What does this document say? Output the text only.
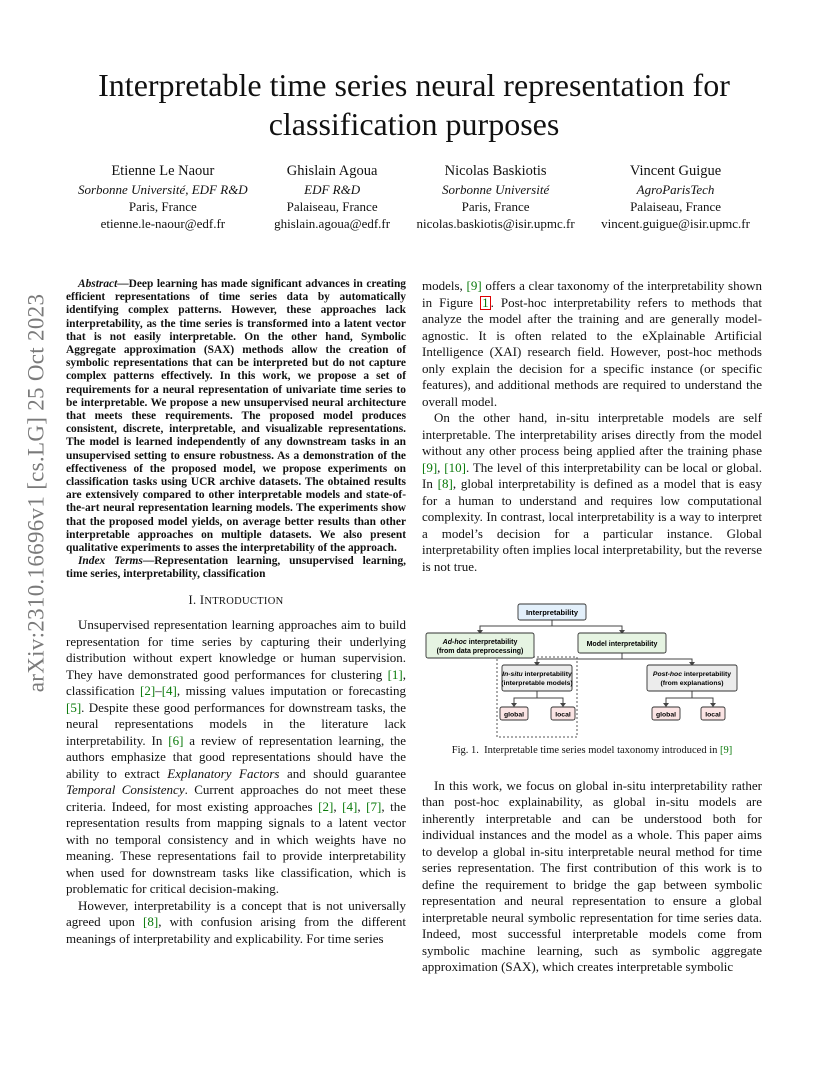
arXiv:2310.16696v1 [cs.LG] 25 Oct 2023
Interpretable time series neural representation for
classification purposes
Etienne Le Naour
Sorbonne Université, EDF R&D
Paris, France
etienne.le-naour@edf.fr
Ghislain Agoua
EDF R&D
Palaiseau, France
ghislain.agoua@edf.fr
Nicolas Baskiotis
Sorbonne Université
Paris, France
nicolas.baskiotis@isir.upmc.fr
Vincent Guigue
AgroParisTech
Palaiseau, France
vincent.guigue@isir.upmc.fr

Abstract—Deep learning has made significant advances in creating efficient representations of time series data by automatically identifying complex patterns. However, these approaches lack interpretability, as the time series is transformed into a latent vector that is not easily interpretable. On the other hand, Symbolic Aggregate approximation (SAX) methods allow the creation of symbolic representations that can be interpreted but do not capture complex patterns effectively. In this work, we propose a set of requirements for a neural representation of univariate time series to be interpretable. We propose a new unsupervised neural architecture that meets these requirements. The proposed model produces consistent, discrete, interpretable, and visualizable representations. The model is learned independently of any downstream tasks in an unsupervised setting to ensure robustness. As a demonstration of the effectiveness of the proposed model, we propose experiments on classification tasks using UCR archive datasets. The obtained results are extensively compared to other interpretable models and state-of-the-art neural representation learning models. The experiments show that the proposed model yields, on average better results than other interpretable approaches on multiple datasets. We also present qualitative experiments to asses the interpretability of the approach.

Index Terms—Representation learning, unsupervised learning, time series, interpretability, classification

I. INTRODUCTION

Unsupervised representation learning approaches aim to build representation for time series by capturing their underlying distribution without expert knowledge or human supervision. They have demonstrated good performances for clustering [1], classification [2]–[4], missing values imputation or forecasting [5]. Despite these good performances for downstream tasks, the neural representations models in the literature lack interpretability. In [6] a review of representation learning, the authors emphasize that good representations should have the ability to extract Explanatory Factors and should guarantee Temporal Consistency. Current approaches do not meet these criteria. Indeed, for most existing approaches [2], [4], [7], the representation results from mapping signals to a latent vector with no temporal consistency and in which weights have no meaning. These representations fail to provide interpretability when used for downstream tasks like classification, which is problematic for critical decision-making.

However, interpretability is a concept that is not universally agreed upon [8], with confusion arising from the different meanings of interpretability and explicability. For time series

models, [9] offers a clear taxonomy of the interpretability shown in Figure 1 . Post-hoc interpretability refers to methods that analyze the model after the training and are generally model-agnostic. It is often related to the eXplainable Artificial Intelligence (XAI) research field. However, post-hoc methods only explain the decision for a specific instance (or specific features), and additional methods are required to understand the overall model.

On the other hand, in-situ interpretable models are self interpretable. The interpretability arises directly from the model without any other process being applied after the training phase [9], [10]. The level of this interpretability can be local or global. In [8], global interpretability is defined as a model that is easy for a human to understand and requires low computational complexity. In contrast, local interpretability is a way to interpret a model’s decision for a particular instance. Global interpretability often implies local interpretability, but the reverse is not true.

Interpretability
Ad-hoc interpretability
(from data preprocessing)
Model interpretability
In-situ interpretability
(interpretable models)
Post-hoc interpretability
(from explanations)
global	local	global	local
Fig. 1. Interpretable time series model taxonomy introduced in [9]

In this work, we focus on global in-situ interpretability rather than post-hoc explainability, as global in-situ models are inherently interpretable and can be understood both for individual instances and the model as a whole. This paper aims to develop a global in-situ interpretable neural method for time series representation. The first contribution of this work is to define the requirement to bridge the gap between symbolic representation and neural representation to ensure a global interpretable neural symbolic representation for time series data. Indeed, most successful interpretable models come from symbolic machine learning, such as symbolic aggregate approximation (SAX), which creates interpretable symbolic
